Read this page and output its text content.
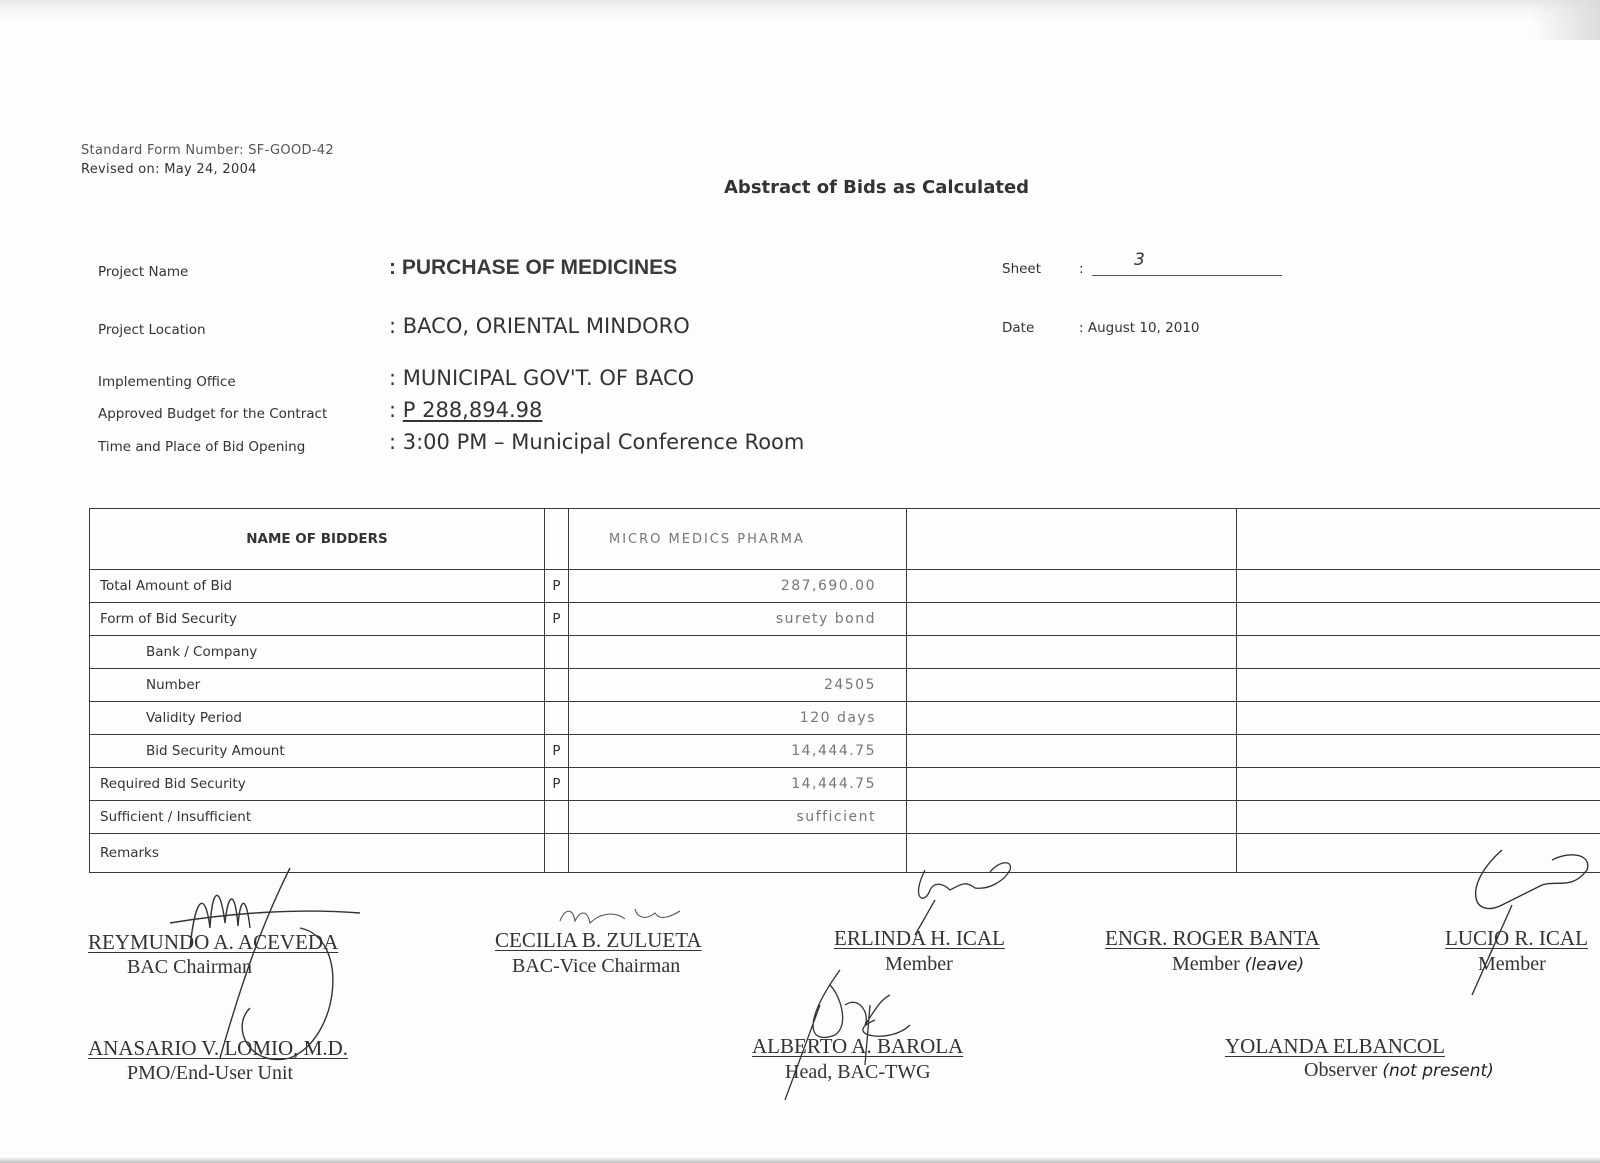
Standard Form Number: SF-GOOD-42
Revised on: May 24, 2004
Abstract of Bids as Calculated
Project Name	: PURCHASE OF MEDICINES
Project Location	: BACO, ORIENTAL MINDORO
Implementing Office	: MUNICIPAL GOV'T. OF BACO
Approved Budget for the Contract	: P 288,894.98
Time and Place of Bid Opening	: 3:00 PM – Municipal Conference Room
Sheet	:	3
Date	: August 10, 2010
NAME OF BIDDERS		MICRO MEDICS PHARMA		
Total Amount of Bid	P	287,690.00		
Form of Bid Security	P	surety bond		
Bank / Company				
Number		24505		
Validity Period		120 days		
Bid Security Amount	P	14,444.75		
Required Bid Security	P	14,444.75		
Sufficient / Insufficient		sufficient		
Remarks				
REYMUNDO A. ACEVEDA
BAC Chairman
CECILIA B. ZULUETA
BAC-Vice Chairman
ERLINDA H. ICAL
Member
ENGR. ROGER BANTA
Member (leave)
LUCIO R. ICAL
Member
ANASARIO V. LOMIO, M.D.
PMO/End-User Unit
ALBERTO A. BAROLA
Head, BAC-TWG
YOLANDA ELBANCOL
Observer (not present)
